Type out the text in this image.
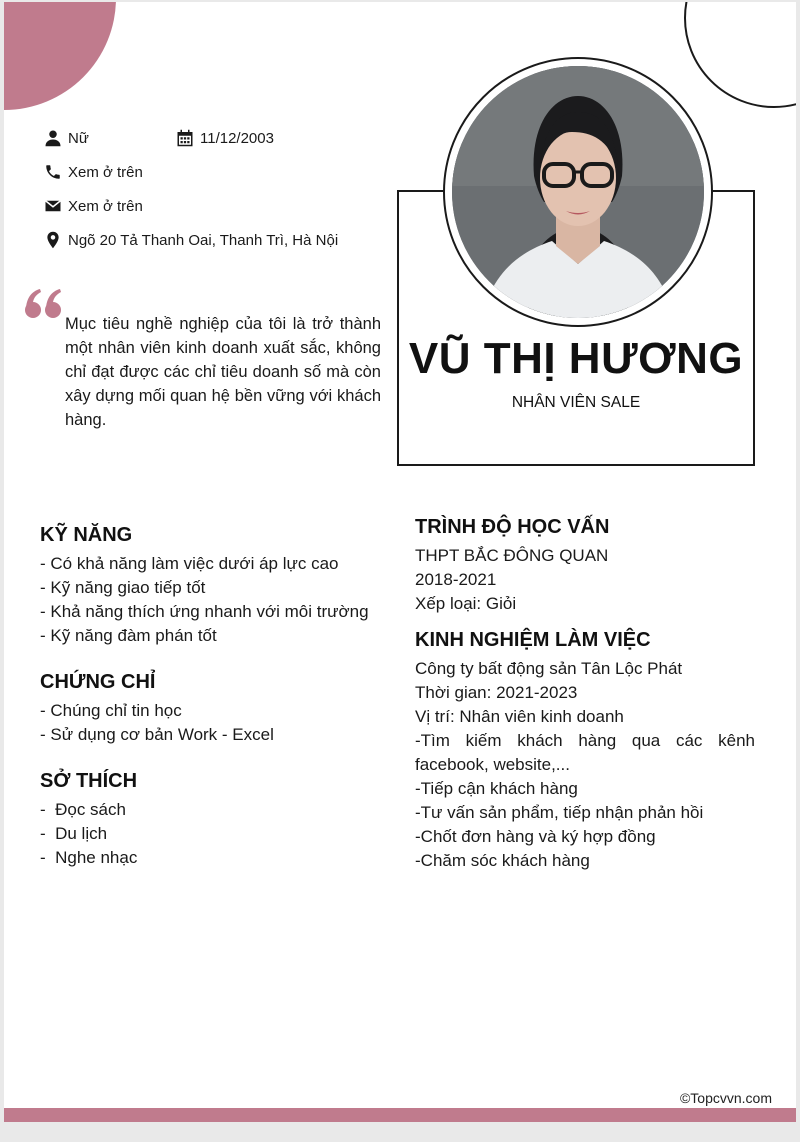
Nữ	11/12/2003
Xem ở trên
Xem ở trên
Ngõ 20 Tả Thanh Oai, Thanh Trì, Hà Nội
Mục tiêu nghề nghiệp của tôi là trở thành một nhân viên kinh doanh xuất sắc, không chỉ đạt được các chỉ tiêu doanh số mà còn xây dựng mối quan hệ bền vững với khách hàng.
VŨ THỊ HƯƠNG
NHÂN VIÊN SALE
KỸ NĂNG
- Có khả năng làm việc dưới áp lực cao
- Kỹ năng giao tiếp tốt
- Khả năng thích ứng nhanh với môi trường
- Kỹ năng đàm phán tốt
CHỨNG CHỈ
- Chúng chỉ tin học
- Sử dụng cơ bản Work - Excel
SỞ THÍCH
-  Đọc sách
-  Du lịch
-  Nghe nhạc
TRÌNH ĐỘ HỌC VẤN
THPT BẮC ĐÔNG QUAN
2018-2021
Xếp loại: Giỏi
KINH NGHIỆM LÀM VIỆC
Công ty bất động sản Tân Lộc Phát
Thời gian: 2021-2023
Vị trí: Nhân viên kinh doanh
-Tìm kiếm khách hàng qua các kênh facebook, website,...
-Tiếp cận khách hàng
-Tư vấn sản phẩm, tiếp nhận phản hồi
-Chốt đơn hàng và ký hợp đồng
-Chăm sóc khách hàng
©Topcvvn.com
